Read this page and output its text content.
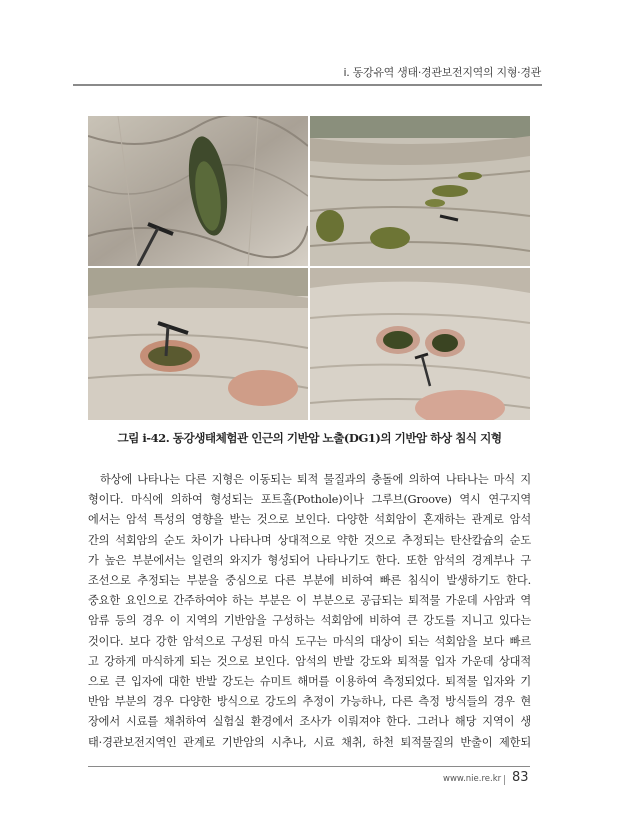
i. 동강유역 생태·경관보전지역의 지형·경관
그림 i-42. 동강생태체험관 인근의 기반암 노출(DG1)의 기반암 하상 침식 지형
하상에 나타나는 다른 지형은 이동되는 퇴적 물질과의 충돌에 의하여 나타나는 마식 지
형이다. 마식에 의하여 형성되는 포트홀(Pothole)이나 그루브(Groove) 역시 연구지역
에서는 암석 특성의 영향을 받는 것으로 보인다. 다양한 석회암이 혼재하는 관계로 암석
간의 석회암의 순도 차이가 나타나며 상대적으로 약한 것으로 추정되는 탄산칼슘의 순도
가 높은 부분에서는 일련의 와지가 형성되어 나타나기도 한다. 또한 암석의 경계부나 구
조선으로 추정되는 부분을 중심으로 다른 부분에 비하여 빠른 침식이 발생하기도 한다.
중요한 요인으로 간주하여야 하는 부분은 이 부분으로 공급되는 퇴적물 가운데 사암과 역
암류 등의 경우 이 지역의 기반암을 구성하는 석회암에 비하여 큰 강도를 지니고 있다는
것이다. 보다 강한 암석으로 구성된 마식 도구는 마식의 대상이 되는 석회암을 보다 빠르
고 강하게 마식하게 되는 것으로 보인다. 암석의 반발 강도와 퇴적물 입자 가운데 상대적
으로 큰 입자에 대한 반발 강도는 슈미트 해머를 이용하여 측정되었다. 퇴적물 입자와 기
반암 부분의 경우 다양한 방식으로 강도의 추정이 가능하나, 다른 측정 방식들의 경우 현
장에서 시료를 채취하여 실험실 환경에서 조사가 이뤄져야 한다. 그러나 해당 지역이 생
태·경관보전지역인 관계로 기반암의 시추나, 시료 채취, 하천 퇴적물질의 반출이 제한되
www.nie.re.kr 83
